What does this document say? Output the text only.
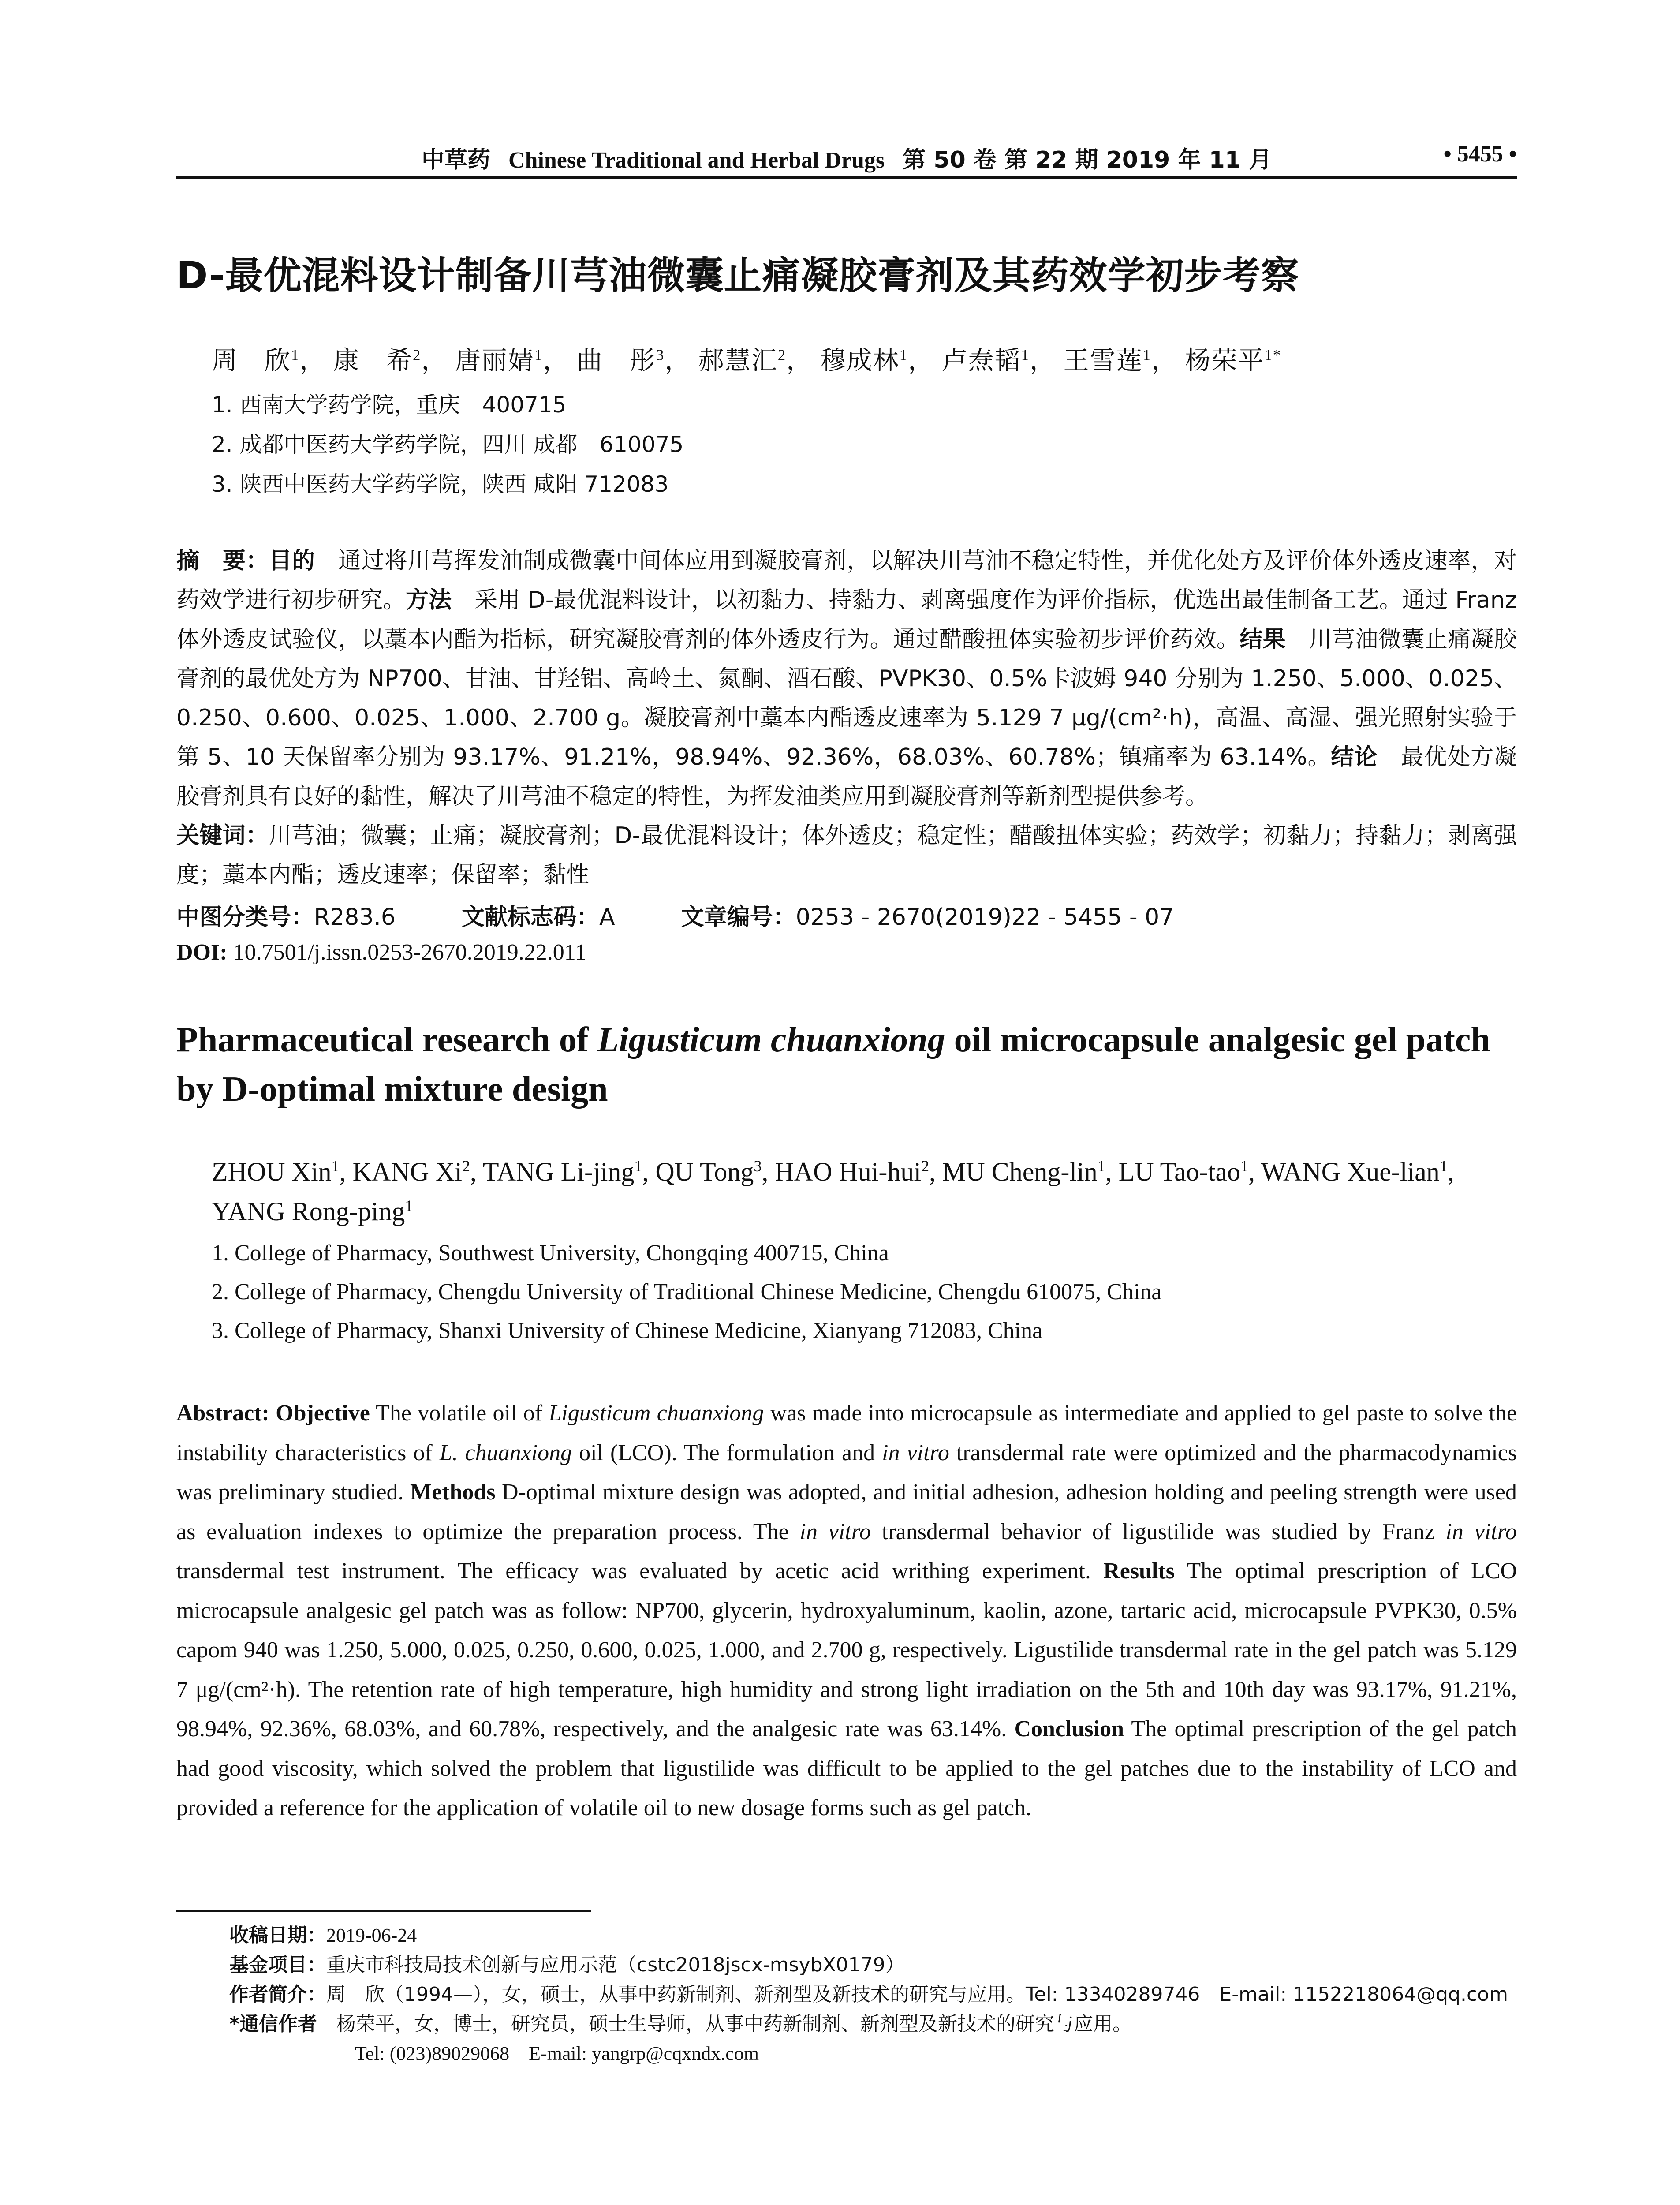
中草药 Chinese Traditional and Herbal Drugs 第 50 卷 第 22 期 2019 年 11 月	• 5455 •
D-最优混料设计制备川芎油微囊止痛凝胶膏剂及其药效学初步考察
周　欣$^1$， 康　希$^2$， 唐丽婧$^1$， 曲　彤$^3$， 郝慧汇$^2$， 穆成林$^1$， 卢焘韬$^1$， 王雪莲$^1$， 杨荣平$^{1*}$
1. 西南大学药学院，重庆　400715
2. 成都中医药大学药学院，四川 成都　610075
3. 陕西中医药大学药学院，陕西 咸阳 712083
摘　要：目的　通过将川芎挥发油制成微囊中间体应用到凝胶膏剂，以解决川芎油不稳定特性，并优化处方及评价体外透皮速率，对药效学进行初步研究。方法　采用 D-最优混料设计，以初黏力、持黏力、剥离强度作为评价指标，优选出最佳制备工艺。通过 Franz 体外透皮试验仪，以藁本内酯为指标，研究凝胶膏剂的体外透皮行为。通过醋酸扭体实验初步评价药效。结果　川芎油微囊止痛凝胶膏剂的最优处方为 NP700、甘油、甘羟铝、高岭土、氮酮、酒石酸、PVPK30、0.5%卡波姆 940 分别为 1.250、5.000、0.025、0.250、0.600、0.025、1.000、2.700 g。凝胶膏剂中藁本内酯透皮速率为 5.129 7 μg/(cm²·h)，高温、高湿、强光照射实验于第 5、10 天保留率分别为 93.17%、91.21%，98.94%、92.36%，68.03%、60.78%；镇痛率为 63.14%。结论　最优处方凝胶膏剂具有良好的黏性，解决了川芎油不稳定的特性，为挥发油类应用到凝胶膏剂等新剂型提供参考。
关键词：川芎油；微囊；止痛；凝胶膏剂；D-最优混料设计；体外透皮；稳定性；醋酸扭体实验；药效学；初黏力；持黏力；剥离强度；藁本内酯；透皮速率；保留率；黏性
中图分类号：R283.6	文献标志码：A	文章编号：0253 - 2670(2019)22 - 5455 - 07
DOI: 10.7501/j.issn.0253-2670.2019.22.011
Pharmaceutical research of Ligusticum chuanxiong oil microcapsule analgesic gel patch by D-optimal mixture design
ZHOU Xin$^1$, KANG Xi$^2$, TANG Li-jing$^1$, QU Tong$^3$, HAO Hui-hui$^2$, MU Cheng-lin$^1$, LU Tao-tao$^1$, WANG Xue-lian$^1$, YANG Rong-ping$^1$
1. College of Pharmacy, Southwest University, Chongqing 400715, China
2. College of Pharmacy, Chengdu University of Traditional Chinese Medicine, Chengdu 610075, China
3. College of Pharmacy, Shanxi University of Chinese Medicine, Xianyang 712083, China
Abstract: Objective The volatile oil of Ligusticum chuanxiong was made into microcapsule as intermediate and applied to gel paste to solve the instability characteristics of L. chuanxiong oil (LCO). The formulation and in vitro transdermal rate were optimized and the pharmacodynamics was preliminary studied. Methods D-optimal mixture design was adopted, and initial adhesion, adhesion holding and peeling strength were used as evaluation indexes to optimize the preparation process. The in vitro transdermal behavior of ligustilide was studied by Franz in vitro transdermal test instrument. The efficacy was evaluated by acetic acid writhing experiment. Results The optimal prescription of LCO microcapsule analgesic gel patch was as follow: NP700, glycerin, hydroxyaluminum, kaolin, azone, tartaric acid, microcapsule PVPK30, 0.5% capom 940 was 1.250, 5.000, 0.025, 0.250, 0.600, 0.025, 1.000, and 2.700 g, respectively. Ligustilide transdermal rate in the gel patch was 5.129 7 μg/(cm²·h). The retention rate of high temperature, high humidity and strong light irradiation on the 5th and 10th day was 93.17%, 91.21%, 98.94%, 92.36%, 68.03%, and 60.78%, respectively, and the analgesic rate was 63.14%. Conclusion The optimal prescription of the gel patch had good viscosity, which solved the problem that ligustilide was difficult to be applied to the gel patches due to the instability of LCO and provided a reference for the application of volatile oil to new dosage forms such as gel patch.
收稿日期：2019-06-24
基金项目：重庆市科技局技术创新与应用示范（cstc2018jscx-msybX0179）
作者简介：周　欣（1994—），女，硕士，从事中药新制剂、新剂型及新技术的研究与应用。Tel: 13340289746　E-mail: 1152218064@qq.com
*通信作者　杨荣平，女，博士，研究员，硕士生导师，从事中药新制剂、新剂型及新技术的研究与应用。
Tel: (023)89029068　E-mail: yangrp@cqxndx.com
